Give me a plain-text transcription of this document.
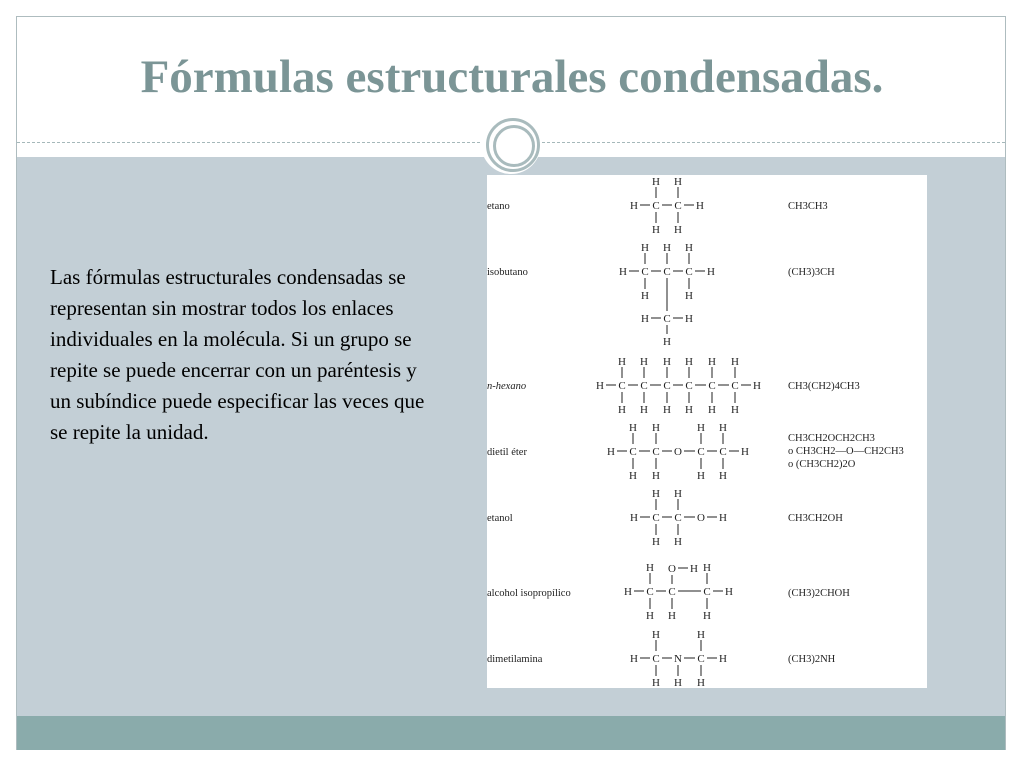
Fórmulas estructurales condensadas.
Las fórmulas estructurales condensadas se representan sin mostrar todos los enlaces individuales en la molécula. Si un grupo se repite se puede encerrar con un paréntesis y un subíndice puede especificar las veces que se repite la unidad.
etano
isobutano
n-hexano
dietil éter
etanol
alcohol isopropílico
dimetilamina
CH3CH3
(CH3)3CH
CH3(CH2)4CH3
CH3CH2OCH2CH3
o CH3CH2—O—CH2CH3
o (CH3CH2)2O
CH3CH2OH
(CH3)2CHOH
(CH3)2NH
H C
H
H
C
H
H
H
H C
H
H
C
H
C
H
H
H
C
H	H
H
H C
H
H
C
H
H
C
H
H
C
H
H
C
H
H
C
H
H
H
H C
H
H
C
H
H
O C
H
H
C
H
H
H
H C
H
H
C
H
H
O H
H C
H
H
C
H
C
H
H
H
O H
H C
H
H
N
H
C
H
H
H
